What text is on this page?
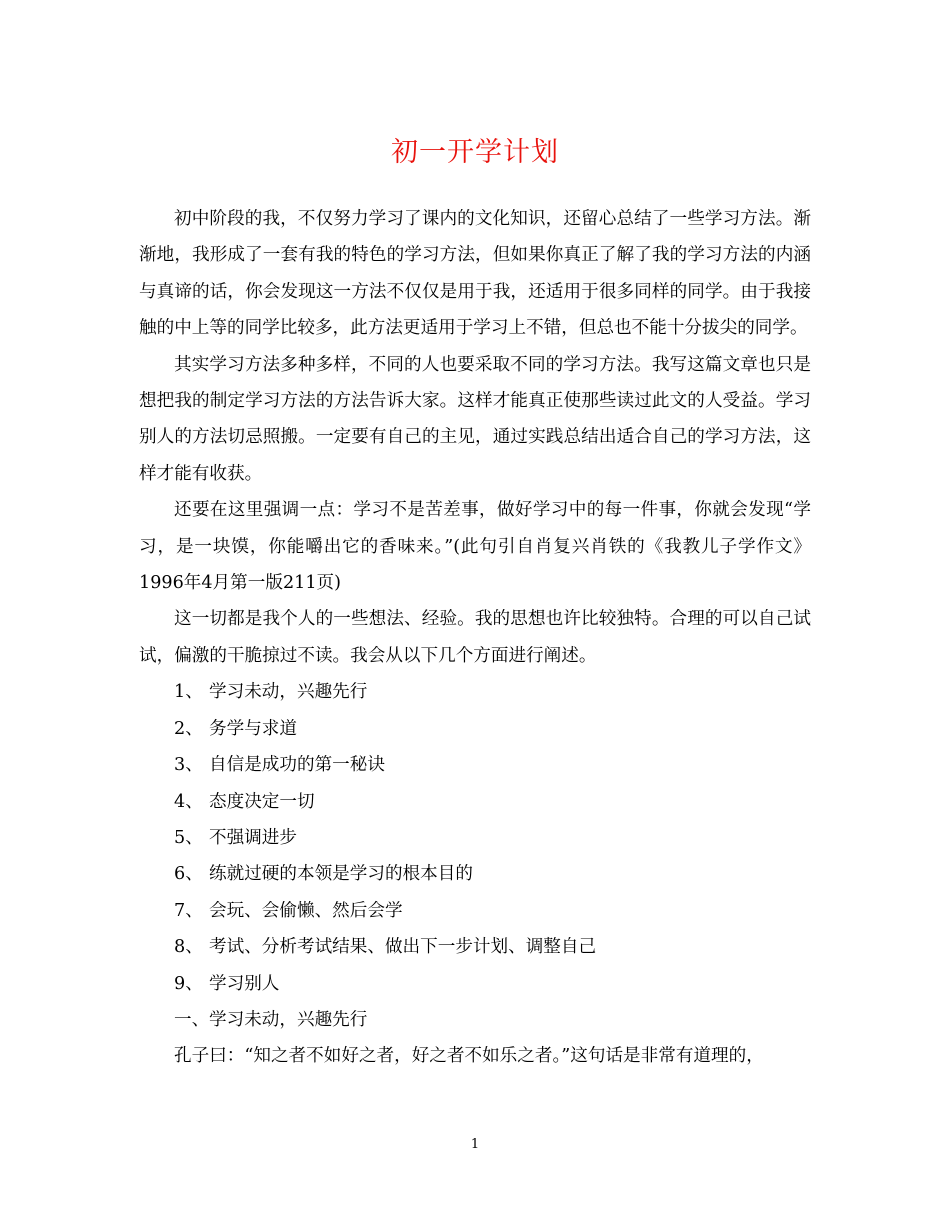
初一开学计划

初中阶段的我，不仅努力学习了课内的文化知识，还留心总结了一些学习方法。渐渐地，我形成了一套有我的特色的学习方法，但如果你真正了解了我的学习方法的内涵与真谛的话，你会发现这一方法不仅仅是用于我，还适用于很多同样的同学。由于我接触的中上等的同学比较多，此方法更适用于学习上不错，但总也不能十分拔尖的同学。

其实学习方法多种多样，不同的人也要采取不同的学习方法。我写这篇文章也只是想把我的制定学习方法的方法告诉大家。这样才能真正使那些读过此文的人受益。学习别人的方法切忌照搬。一定要有自己的主见，通过实践总结出适合自己的学习方法，这样才能有收获。

还要在这里强调一点：学习不是苦差事，做好学习中的每一件事，你就会发现“学习，是一块馍，你能嚼出它的香味来。”(此句引自肖复兴肖铁的《我教儿子学作文》1996年4月第一版211页)

这一切都是我个人的一些想法、经验。我的思想也许比较独特。合理的可以自己试试，偏激的干脆掠过不读。我会从以下几个方面进行阐述。

1、 学习未动，兴趣先行
2、 务学与求道
3、 自信是成功的第一秘诀
4、 态度决定一切
5、 不强调进步
6、 练就过硬的本领是学习的根本目的
7、 会玩、会偷懒、然后会学
8、 考试、分析考试结果、做出下一步计划、调整自己
9、 学习别人
一、学习未动，兴趣先行

孔子曰：“知之者不如好之者，好之者不如乐之者。”这句话是非常有道理的，

1
